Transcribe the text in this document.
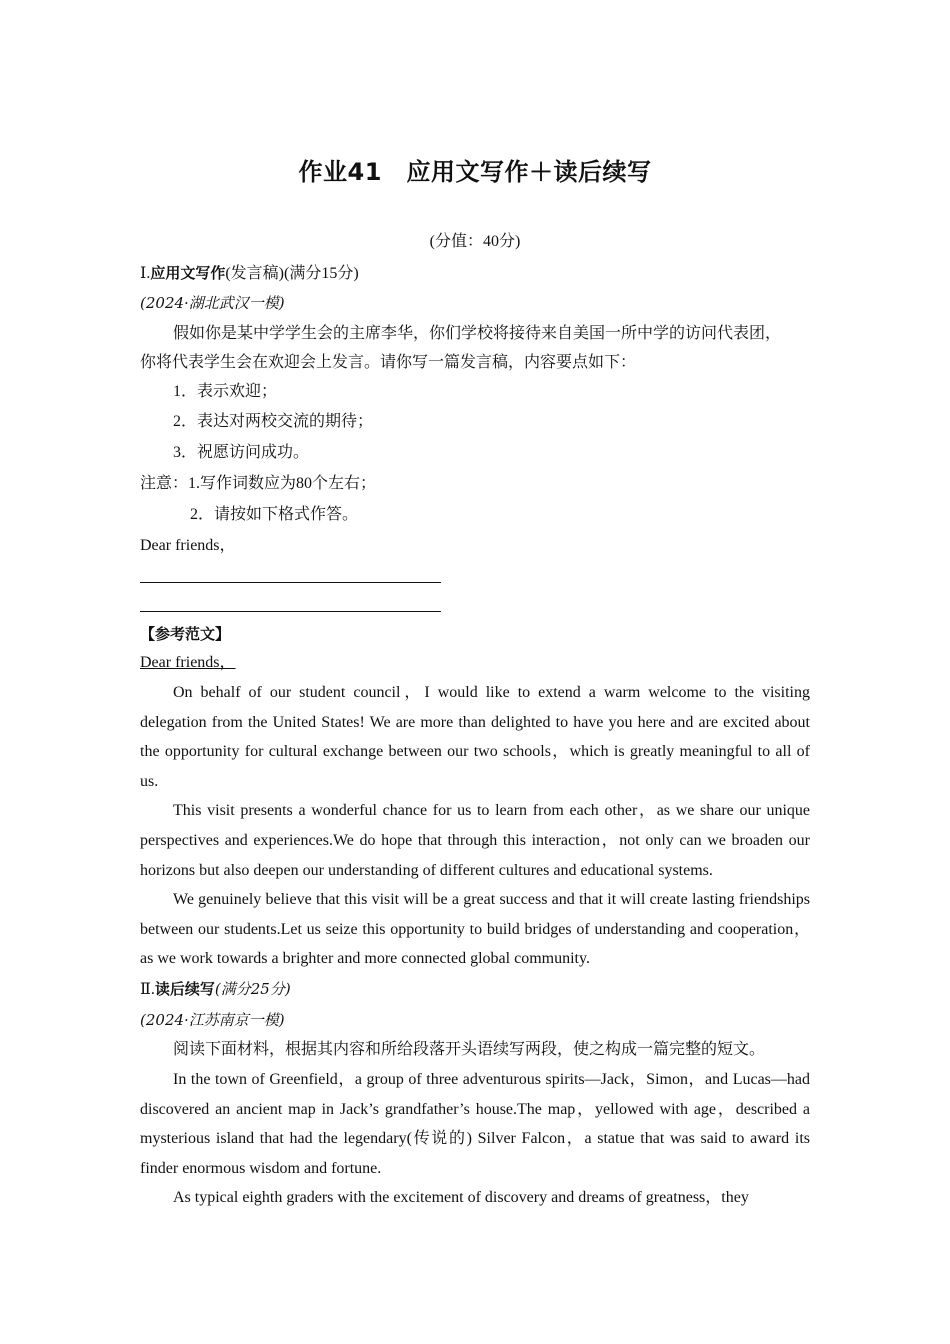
作业41　应用文写作＋读后续写
(分值：40分)
Ⅰ.应用文写作(发言稿)(满分15分)
(2024·湖北武汉一模)
假如你是某中学学生会的主席李华，你们学校将接待来自美国一所中学的访问代表团，
你将代表学生会在欢迎会上发言。请你写一篇发言稿，内容要点如下：
1．表示欢迎；
2．表达对两校交流的期待；
3．祝愿访问成功。
注意：1.写作词数应为80个左右；
2．请按如下格式作答。
Dear friends，
【参考范文】
Dear friends，
On behalf of our student council，I would like to extend a warm welcome to the visiting delegation from the United States! We are more than delighted to have you here and are excited about the opportunity for cultural exchange between our two schools，which is greatly meaningful to all of us.
This visit presents a wonderful chance for us to learn from each other，as we share our unique perspectives and experiences.We do hope that through this interaction，not only can we broaden our horizons but also deepen our understanding of different cultures and educational systems.
We genuinely believe that this visit will be a great success and that it will create lasting friendships between our students.Let us seize this opportunity to build bridges of understanding and cooperation，as we work towards a brighter and more connected global community.
Ⅱ.读后续写(满分25分)
(2024·江苏南京一模)
阅读下面材料，根据其内容和所给段落开头语续写两段，使之构成一篇完整的短文。
In the town of Greenfield，a group of three adventurous spirits—Jack，Simon，and Lucas—had discovered an ancient map in Jack’s grandfather’s house.The map，yellowed with age，described a mysterious island that had the legendary(传说的) Silver Falcon，a statue that was said to award its finder enormous wisdom and fortune.
As typical eighth graders with the excitement of discovery and dreams of greatness，they
